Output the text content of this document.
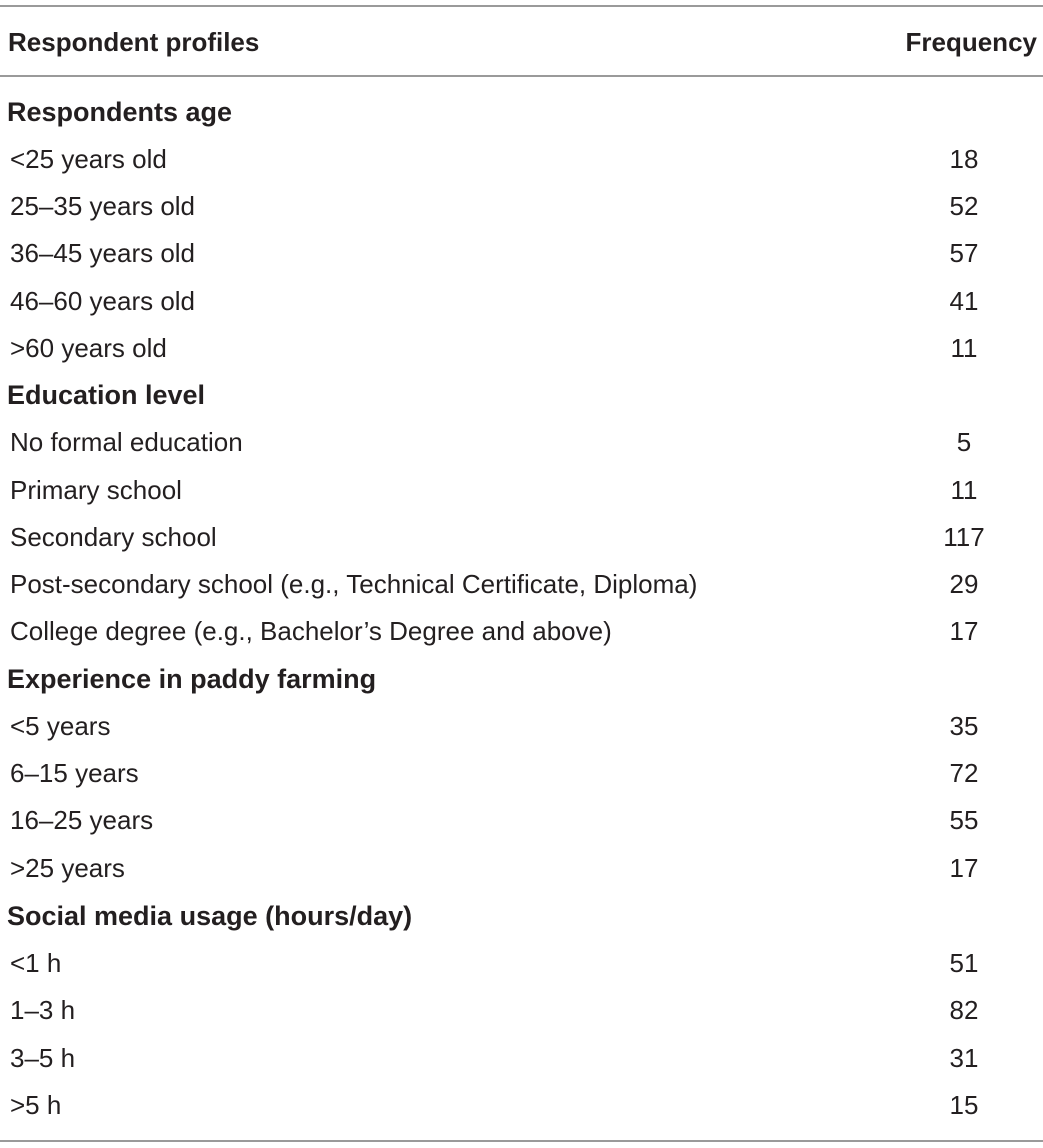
Respondent profiles	Frequency
Respondents age
<25 years old	18
25–35 years old	52
36–45 years old	57
46–60 years old	41
>60 years old	11
Education level
No formal education	5
Primary school	11
Secondary school	117
Post-secondary school (e.g., Technical Certificate, Diploma)	29
College degree (e.g., Bachelor’s Degree and above)	17
Experience in paddy farming
<5 years	35
6–15 years	72
16–25 years	55
>25 years	17
Social media usage (hours/day)
<1 h	51
1–3 h	82
3–5 h	31
>5 h	15
